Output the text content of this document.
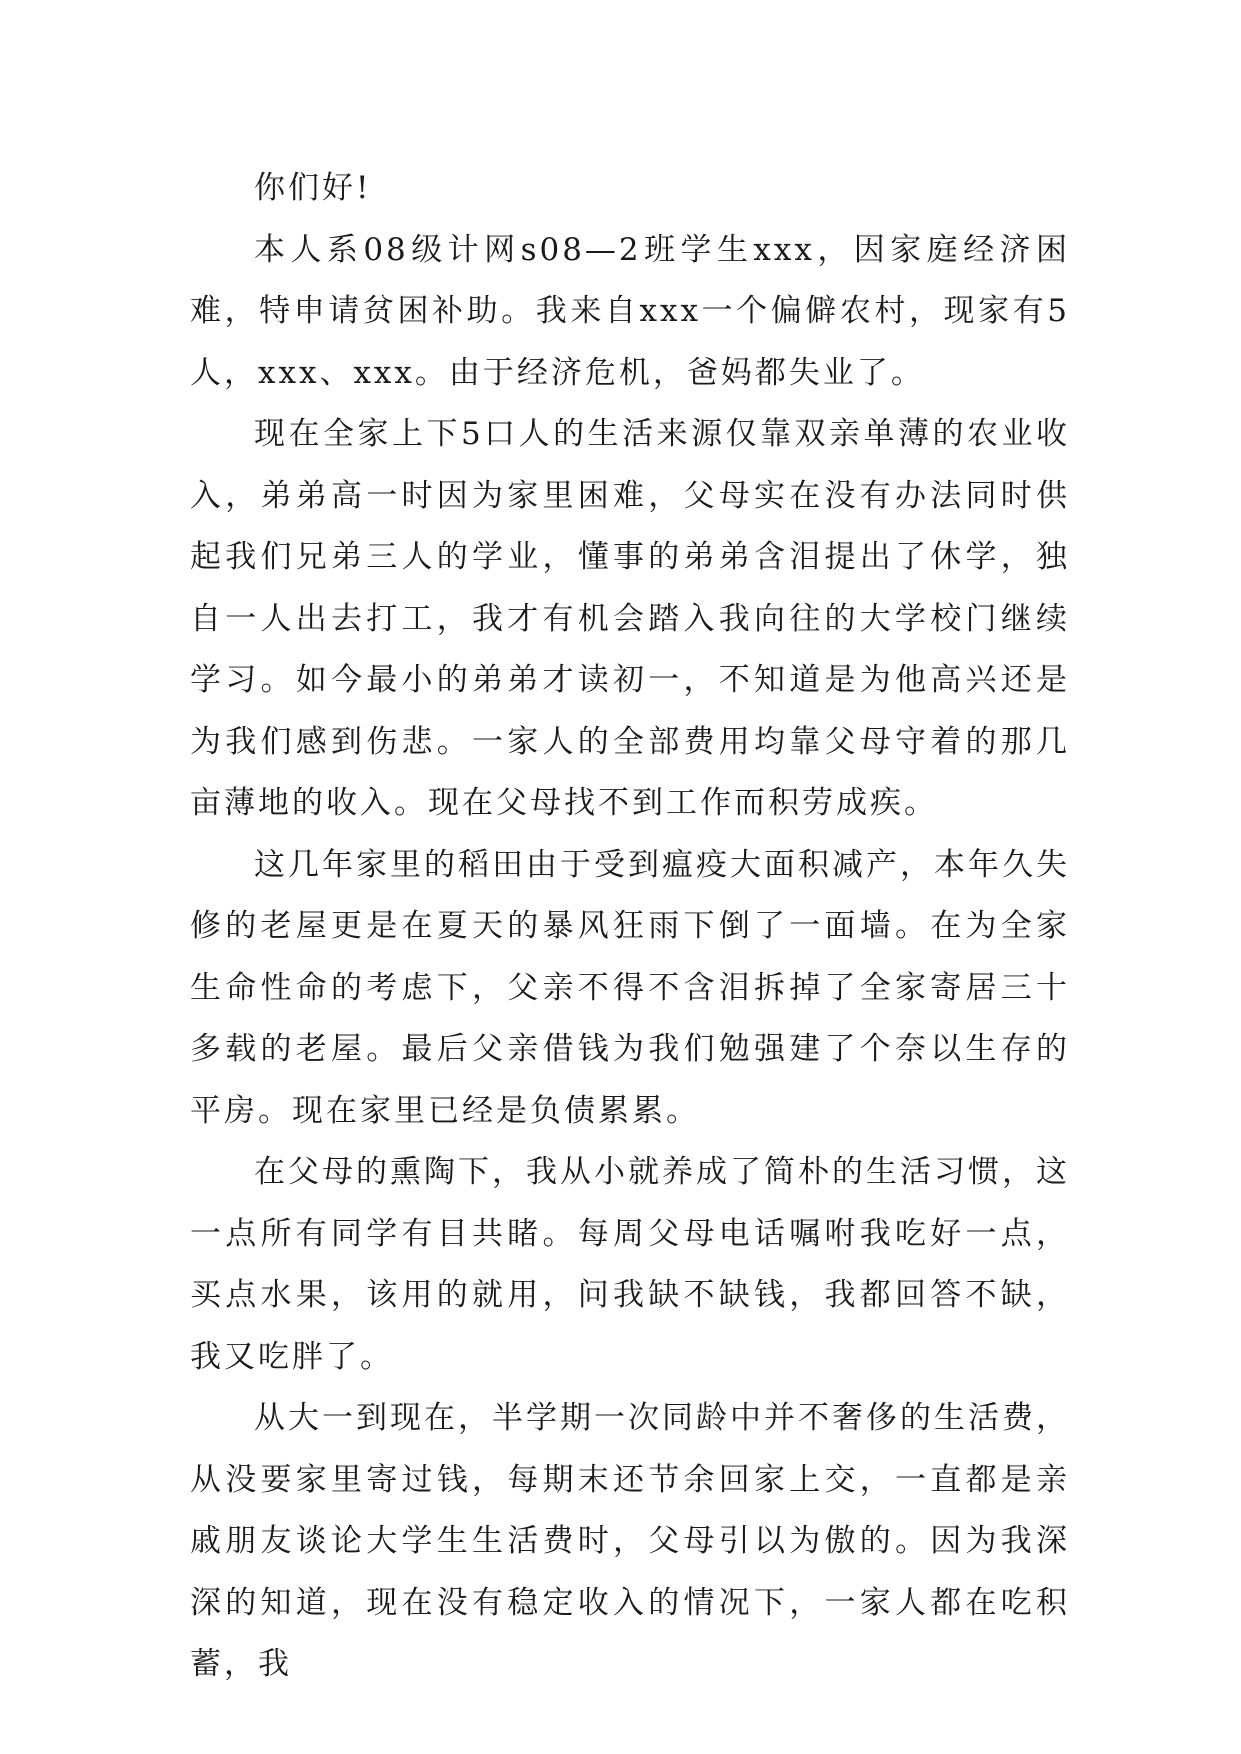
你们好!

本人系08级计网s08—2班学生xxx，因家庭经济困难，特申请贫困补助。我来自xxx一个偏僻农村，现家有5人，xxx、xxx。由于经济危机，爸妈都失业了。

现在全家上下5口人的生活来源仅靠双亲单薄的农业收入，弟弟高一时因为家里困难，父母实在没有办法同时供起我们兄弟三人的学业，懂事的弟弟含泪提出了休学，独自一人出去打工，我才有机会踏入我向往的大学校门继续学习。如今最小的弟弟才读初一，不知道是为他高兴还是为我们感到伤悲。一家人的全部费用均靠父母守着的那几亩薄地的收入。现在父母找不到工作而积劳成疾。

这几年家里的稻田由于受到瘟疫大面积减产，本年久失修的老屋更是在夏天的暴风狂雨下倒了一面墙。在为全家生命性命的考虑下，父亲不得不含泪拆掉了全家寄居三十多载的老屋。最后父亲借钱为我们勉强建了个奈以生存的平房。现在家里已经是负债累累。

在父母的熏陶下，我从小就养成了简朴的生活习惯，这一点所有同学有目共睹。每周父母电话嘱咐我吃好一点，买点水果，该用的就用，问我缺不缺钱，我都回答不缺，我又吃胖了。

从大一到现在，半学期一次同龄中并不奢侈的生活费，从没要家里寄过钱，每期末还节余回家上交，一直都是亲戚朋友谈论大学生生活费时，父母引以为傲的。因为我深深的知道，现在没有稳定收入的情况下，一家人都在吃积蓄，我
